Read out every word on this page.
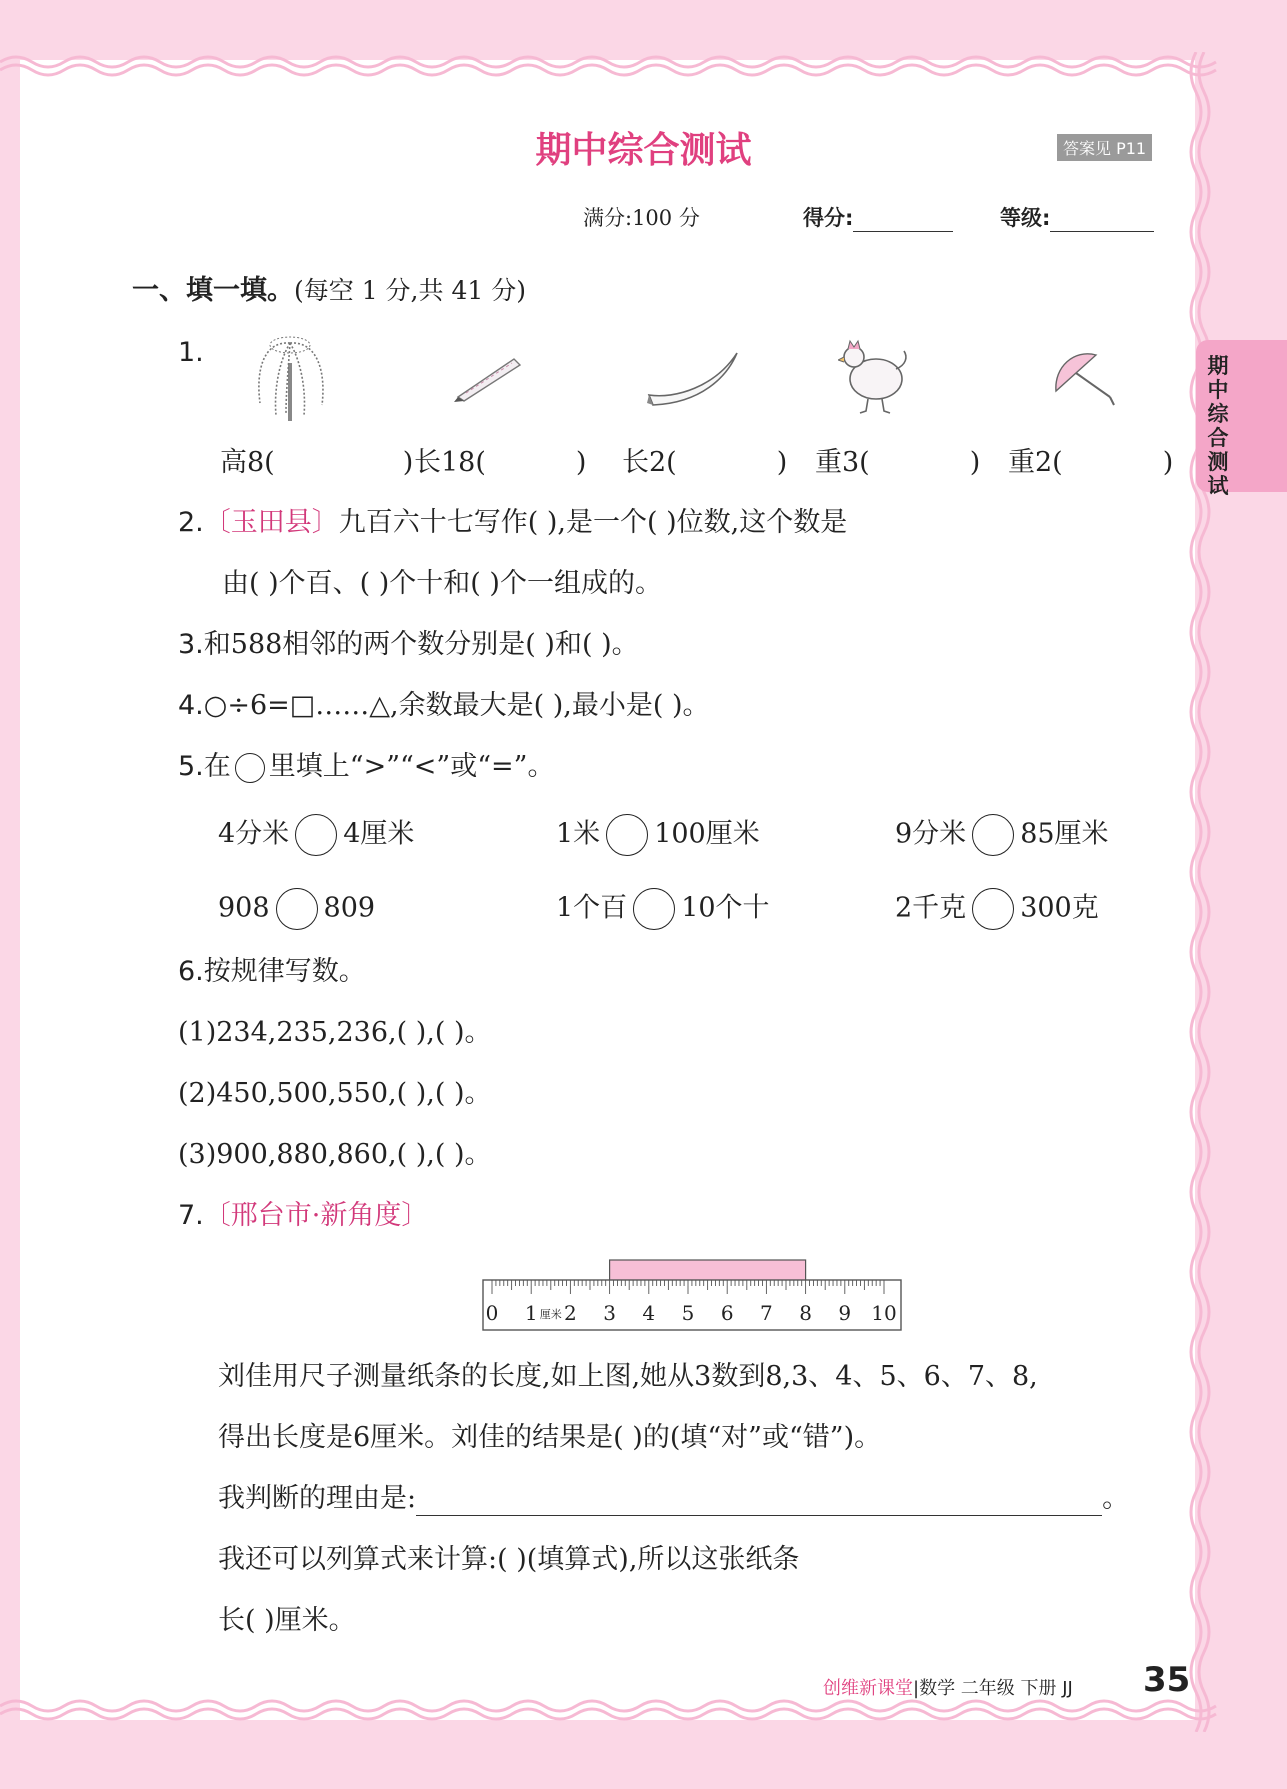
期中综合测试	答案见 P11
满分:100 分	得分:	等级:
期中综合测试
一、填一填。(每空 1 分,共 41 分)
1.
高8(	) 长18(	) 长2(	) 重3(	) 重2(	)
2.〔玉田县〕九百六十七写作( ),是一个( )位数,这个数是
由( )个百、( )个十和( )个一组成的。
3.和588相邻的两个数分别是( )和( )。
4.○÷6=□……△,余数最大是( ),最小是( )。
5.在 里填上“>”“<”或“=”。
4分米 4厘米	1米 100厘米	9分米 85厘米
908 809	1个百 10个十	2千克 300克
6.按规律写数。
(1)234,235,236,( ),( )。
(2)450,500,550,( ),( )。
(3)900,880,860,( ),( )。
7.〔邢台市·新角度〕
0 1 2 3 4 5 6 7 8 9 10
厘米
刘佳用尺子测量纸条的长度,如上图,她从3数到8,3、4、5、6、7、8,
得出长度是6厘米。刘佳的结果是( )的(填“对”或“错”)。
我判断的理由是:	。
我还可以列算式来计算:( )(填算式),所以这张纸条
长( )厘米。
创维新课堂|数学 二年级 下册 JJ 35
